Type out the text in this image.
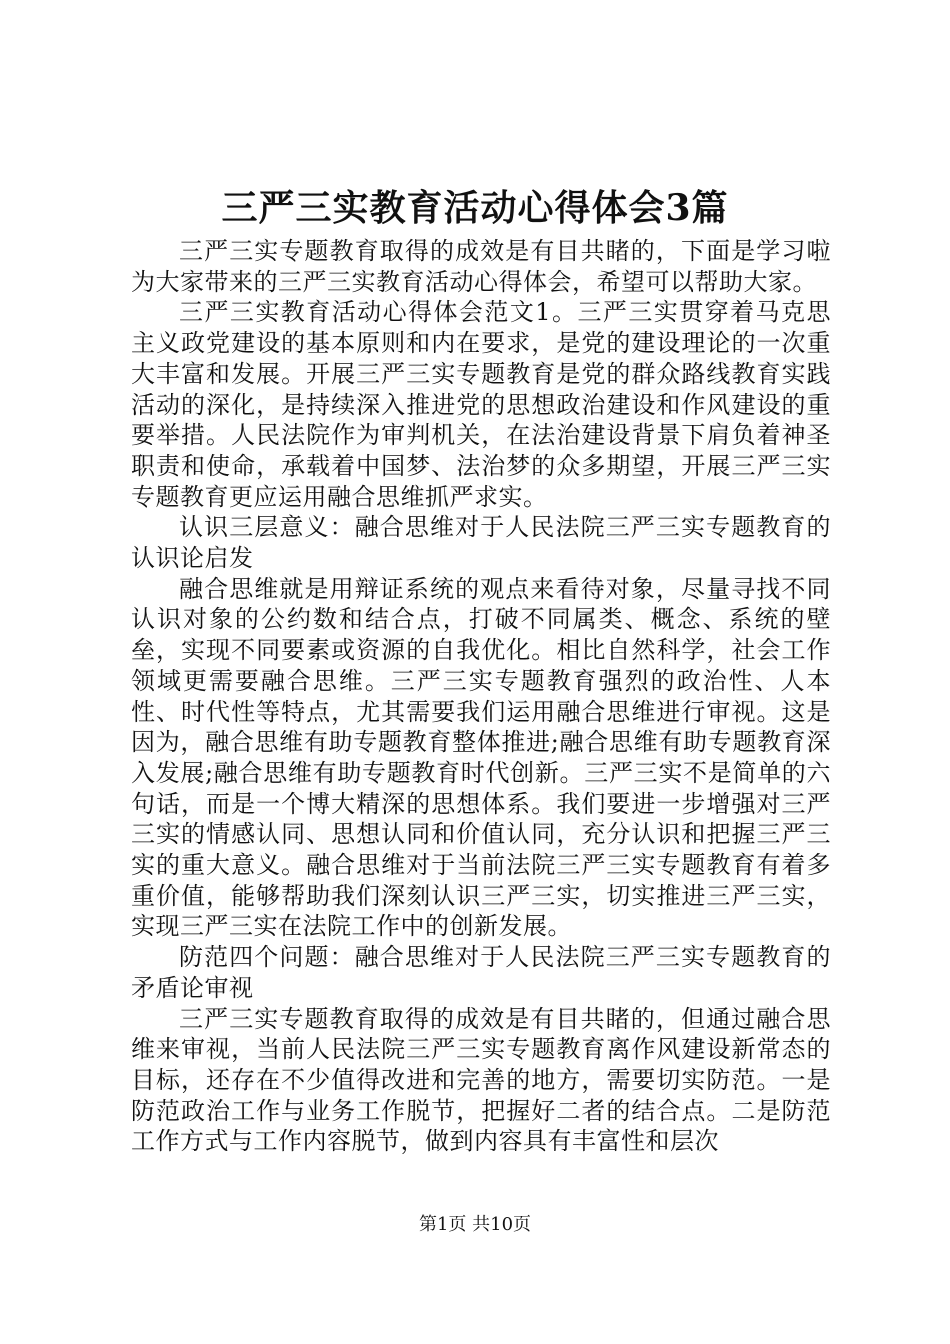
三严三实教育活动心得体会3篇

三严三实专题教育取得的成效是有目共睹的，下面是学习啦为大家带来的三严三实教育活动心得体会，希望可以帮助大家。

三严三实教育活动心得体会范文1。三严三实贯穿着马克思主义政党建设的基本原则和内在要求，是党的建设理论的一次重大丰富和发展。开展三严三实专题教育是党的群众路线教育实践活动的深化，是持续深入推进党的思想政治建设和作风建设的重要举措。人民法院作为审判机关，在法治建设背景下肩负着神圣职责和使命，承载着中国梦、法治梦的众多期望，开展三严三实专题教育更应运用融合思维抓严求实。

认识三层意义：融合思维对于人民法院三严三实专题教育的认识论启发

融合思维就是用辩证系统的观点来看待对象，尽量寻找不同认识对象的公约数和结合点，打破不同属类、概念、系统的壁垒，实现不同要素或资源的自我优化。相比自然科学，社会工作领域更需要融合思维。三严三实专题教育强烈的政治性、人本性、时代性等特点，尤其需要我们运用融合思维进行审视。这是因为，融合思维有助专题教育整体推进;融合思维有助专题教育深入发展;融合思维有助专题教育时代创新。三严三实不是简单的六句话，而是一个博大精深的思想体系。我们要进一步增强对三严三实的情感认同、思想认同和价值认同，充分认识和把握三严三实的重大意义。融合思维对于当前法院三严三实专题教育有着多重价值，能够帮助我们深刻认识三严三实，切实推进三严三实，实现三严三实在法院工作中的创新发展。

防范四个问题：融合思维对于人民法院三严三实专题教育的矛盾论审视

三严三实专题教育取得的成效是有目共睹的，但通过融合思维来审视，当前人民法院三严三实专题教育离作风建设新常态的目标，还存在不少值得改进和完善的地方，需要切实防范。一是防范政治工作与业务工作脱节，把握好二者的结合点。二是防范工作方式与工作内容脱节，做到内容具有丰富性和层次

第1页 共10页
